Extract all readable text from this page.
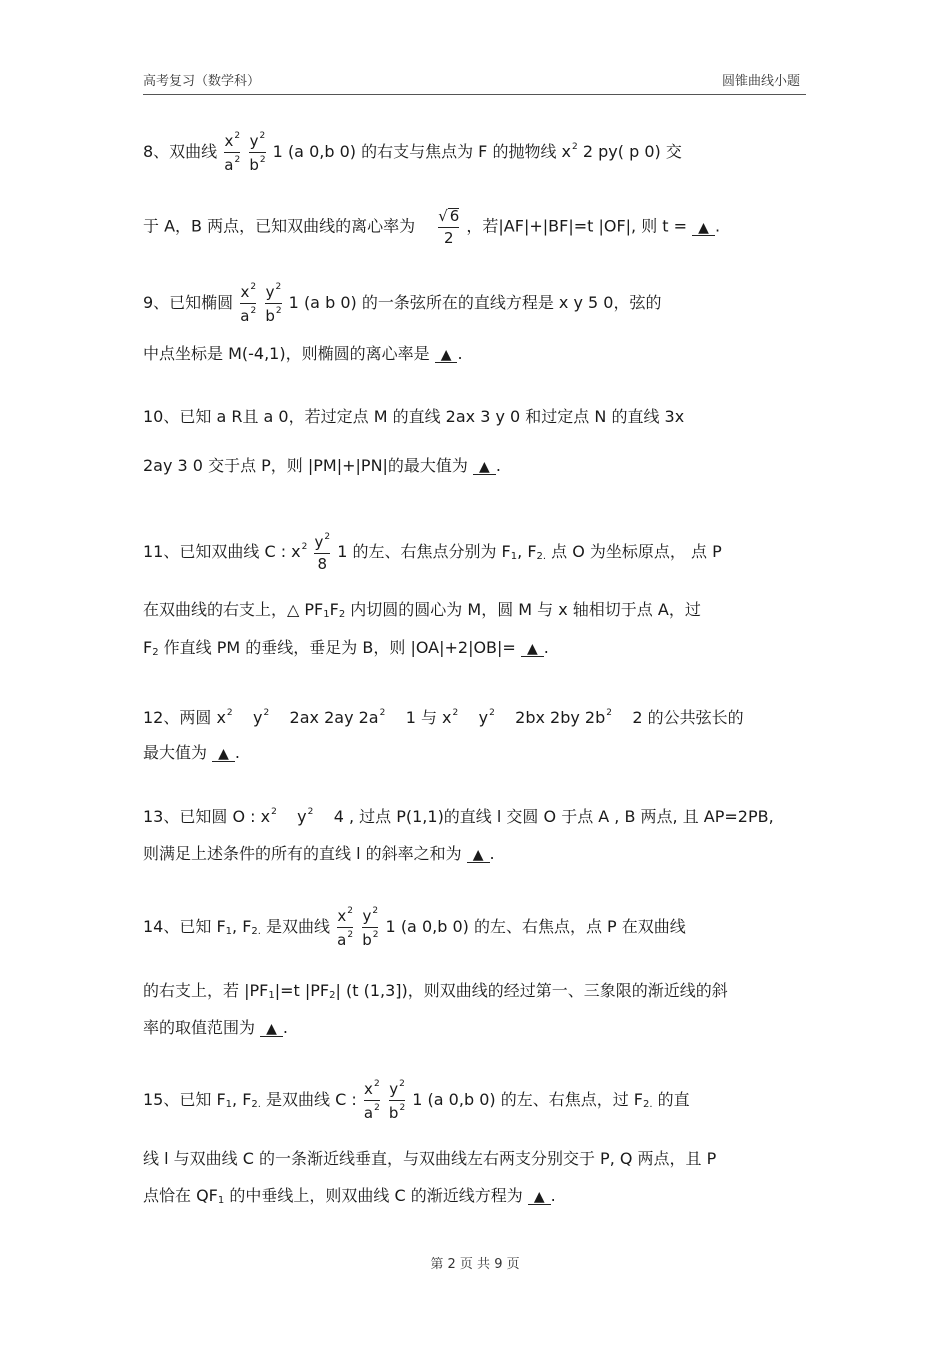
高考复习（数学科）	圆锥曲线小题
8、双曲线 $\frac{x^2}{a^2}$
$\frac{y^2}{b^2} 1$ (a 0,b 0) 的右支与焦点为 F 的抛物线 $x^2$ 2 py( p 0) 交
于 A，B 两点，已知双曲线的离心率为 $\frac{√ 6}{2}$ ，若|AF|+|BF|=t |OF|, 则 t = ▲ .
9、已知椭圆 $\frac{x^2}{a^2}$
$\frac{y^2}{b^2} 1$ (a b 0) 的一条弦所在的直线方程是 x y 5 0，弦的
中点坐标是 M(-4,1)，则椭圆的离心率是 ▲ .
10、已知 a R且 a 0，若过定点 M 的直线 2ax 3 y 0 和过定点 N 的直线 3x
2ay 3 0 交于点 P，则 |PM|+|PN|的最大值为 ▲ .
11、已知双曲线 C : $x^2 \frac{y^2}{8} 1$ 的左、右焦点分别为 $F_1$, $F_{2.}$ 点 O 为坐标原点， 点 P
在双曲线的右支上，△ $PF_1F_2$ 内切圆的圆心为 M，圆 M 与 x 轴相切于点 A，过
$F_2$ 作直线 PM 的垂线，垂足为 B，则 |OA|+2|OB|= ▲ .
12、两圆 $x^2$ $y^2$ 2ax 2ay $2a^2$ 1 与 $x^2$ $y^2$ 2bx 2by $2b^2$ 2 的公共弦长的
最大值为 ▲ .
13、已知圆 O : $x^2$    $y^2$ 4 , 过点 P(1,1)的直线 l 交圆 O 于点 A , B 两点, 且 AP=2PB,
则满足上述条件的所有的直线 l 的斜率之和为 ▲ .
14、已知 $F_1$, $F_{2.}$ 是双曲线 $\frac{x^2}{a^2}$
$\frac{y^2}{b^2} 1$ (a 0,b 0) 的左、右焦点，点 P 在双曲线
的右支上，若 $|PF_1|=t$ $|PF_2|$ (t (1,3])，则双曲线的经过第一、三象限的渐近线的斜
率的取值范围为 ▲ .
15、已知 $F_1$, $F_{2.}$ 是双曲线 C : $\frac{x^2}{a^2}$
$\frac{y^2}{b^2} 1$ (a 0,b 0) 的左、右焦点，过 $F_{2.}$ 的直
线 l 与双曲线 C 的一条渐近线垂直，与双曲线左右两支分别交于 P, Q 两点，且 P
点恰在 $QF_1$ 的中垂线上，则双曲线 C 的渐近线方程为 ▲ .
第 2 页 共 9 页
